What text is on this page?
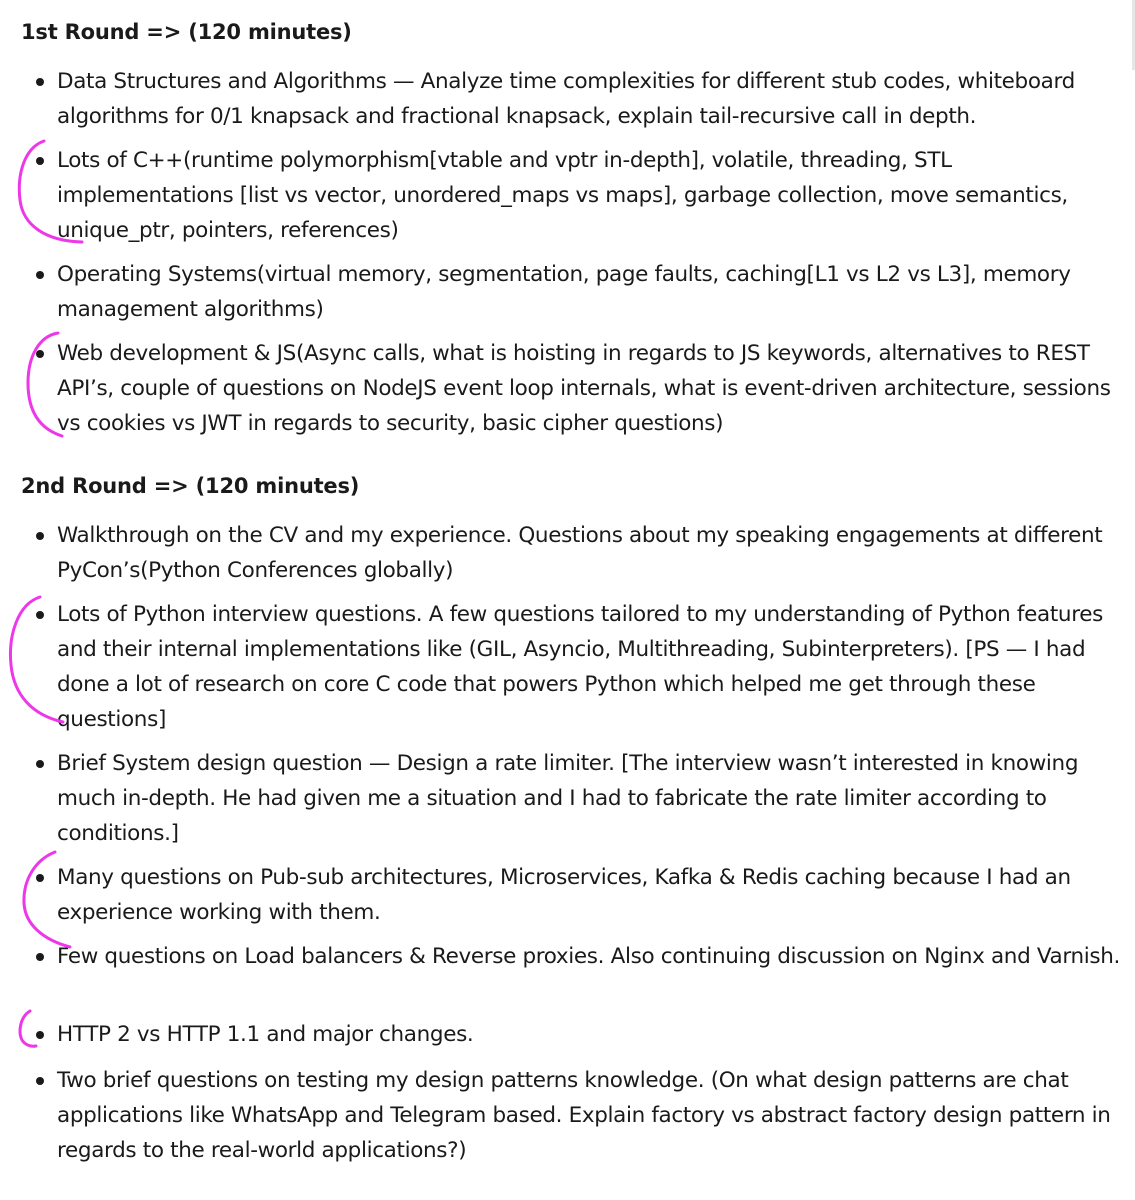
1st Round => (120 minutes)
Data Structures and Algorithms — Analyze time complexities for different stub codes, whiteboard algorithms for 0/1 knapsack and fractional knapsack, explain tail-recursive call in depth.
Lots of C++(runtime polymorphism[vtable and vptr in-depth], volatile, threading, STL implementations [list vs vector, unordered_maps vs maps], garbage collection, move semantics, unique_ptr, pointers, references)
Operating Systems(virtual memory, segmentation, page faults, caching[L1 vs L2 vs L3], memory management algorithms)
Web development & JS(Async calls, what is hoisting in regards to JS keywords, alternatives to REST API’s, couple of questions on NodeJS event loop internals, what is event-driven architecture, sessions vs cookies vs JWT in regards to security, basic cipher questions)
2nd Round => (120 minutes)
Walkthrough on the CV and my experience. Questions about my speaking engagements at different PyCon’s(Python Conferences globally)
Lots of Python interview questions. A few questions tailored to my understanding of Python features and their internal implementations like (GIL, Asyncio, Multithreading, Subinterpreters). [PS — I had done a lot of research on core C code that powers Python which helped me get through these questions]
Brief System design question — Design a rate limiter. [The interview wasn’t interested in knowing much in-depth. He had given me a situation and I had to fabricate the rate limiter according to conditions.]
Many questions on Pub-sub architectures, Microservices, Kafka & Redis caching because I had an experience working with them.
Few questions on Load balancers & Reverse proxies. Also continuing discussion on Nginx and Varnish.
HTTP 2 vs HTTP 1.1 and major changes.
Two brief questions on testing my design patterns knowledge. (On what design patterns are chat applications like WhatsApp and Telegram based. Explain factory vs abstract factory design pattern in regards to the real-world applications?)
